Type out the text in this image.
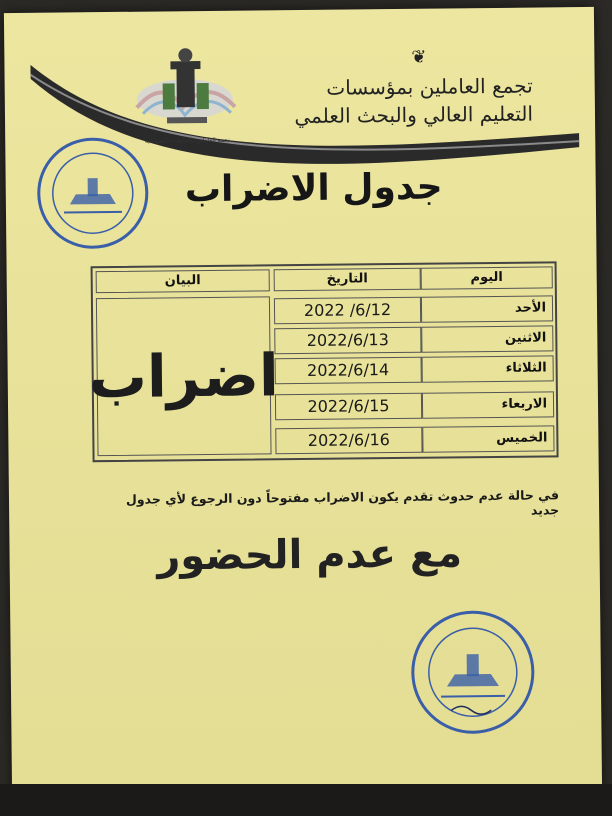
تجمع العاملين بالجامعات السودانية
❦
تجمع العاملين بمؤسسات
التعليم العالي والبحث العلمي
جدول الاضراب
اليوم
التاريخ
البيان
الأحد
2022 /6/12
الاثنين
2022/6/13
الثلاثاء
2022/6/14
الاربعاء
2022/6/15
الخميس
2022/6/16
اضراب
في حالة عدم حدوث تقدم يكون الاضراب مفتوحاً دون الرجوع لأي جدول جديد
مع عدم الحضور
